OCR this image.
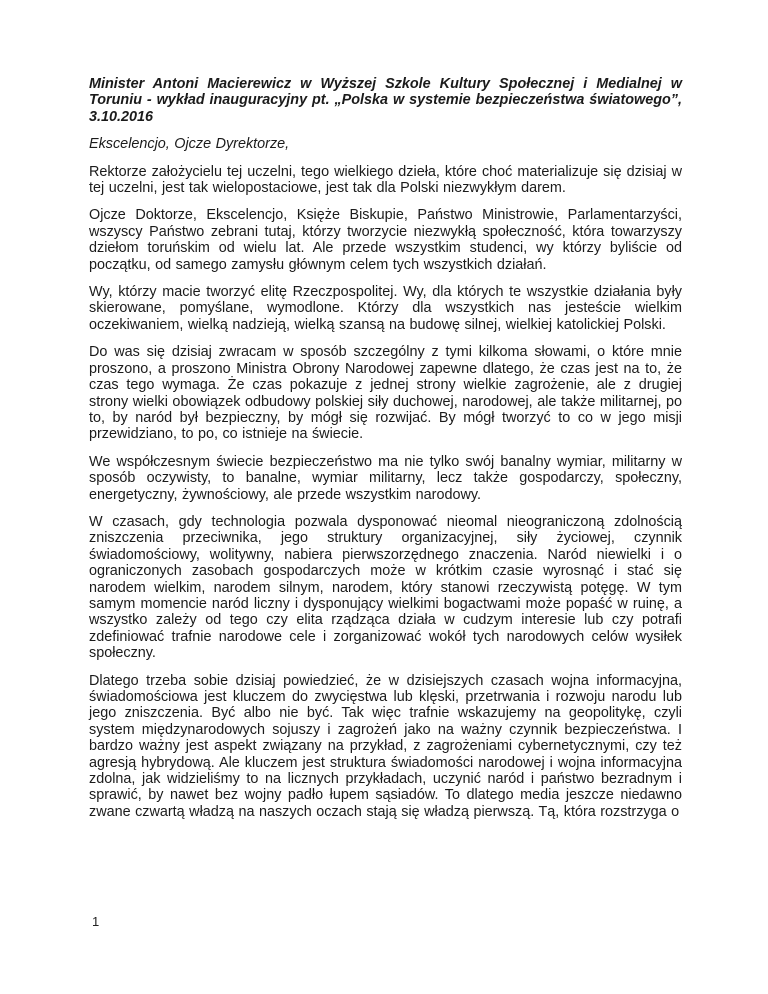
Minister Antoni Macierewicz w Wyższej Szkole Kultury Społecznej i Medialnej w Toruniu - wykład inauguracyjny pt. „Polska w systemie bezpieczeństwa światowego”, 3.10.2016

Ekscelencjo, Ojcze Dyrektorze,

Rektorze założycielu tej uczelni, tego wielkiego dzieła, które choć materializuje się dzisiaj w tej uczelni, jest tak wielopostaciowe, jest tak dla Polski niezwykłym darem.

Ojcze Doktorze, Ekscelencjo, Księże Biskupie, Państwo Ministrowie, Parlamentarzyści, wszyscy Państwo zebrani tutaj, którzy tworzycie niezwykłą społeczność, która towarzyszy dziełom toruńskim od wielu lat. Ale przede wszystkim studenci, wy którzy byliście od początku, od samego zamysłu głównym celem tych wszystkich działań.

Wy, którzy macie tworzyć elitę Rzeczpospolitej. Wy, dla których te wszystkie działania były skierowane, pomyślane, wymodlone. Którzy dla wszystkich nas jesteście wielkim oczekiwaniem, wielką nadzieją, wielką szansą na budowę silnej, wielkiej katolickiej Polski.

Do was się dzisiaj zwracam w sposób szczególny z tymi kilkoma słowami, o które mnie proszono, a proszono Ministra Obrony Narodowej zapewne dlatego, że czas jest na to, że czas tego wymaga. Że czas pokazuje z jednej strony wielkie zagrożenie, ale z drugiej strony wielki obowiązek odbudowy polskiej siły duchowej, narodowej, ale także militarnej, po to, by naród był bezpieczny, by mógł się rozwijać. By mógł tworzyć to co w jego misji przewidziano, to po, co istnieje na świecie.

We współczesnym świecie bezpieczeństwo ma nie tylko swój banalny wymiar, militarny w sposób oczywisty, to banalne, wymiar militarny, lecz także gospodarczy, społeczny, energetyczny, żywnościowy, ale przede wszystkim narodowy.

W czasach, gdy technologia pozwala dysponować nieomal nieograniczoną zdolnością zniszczenia przeciwnika, jego struktury organizacyjnej, siły życiowej, czynnik świadomościowy, wolitywny, nabiera pierwszorzędnego znaczenia. Naród niewielki i o ograniczonych zasobach gospodarczych może w krótkim czasie wyrosnąć i stać się narodem wielkim, narodem silnym, narodem, który stanowi rzeczywistą potęgę. W tym samym momencie naród liczny i dysponujący wielkimi bogactwami może popaść w ruinę, a wszystko zależy od tego czy elita rządząca działa w cudzym interesie lub czy potrafi zdefiniować trafnie narodowe cele i zorganizować wokół tych narodowych celów wysiłek społeczny.

Dlatego trzeba sobie dzisiaj powiedzieć, że w dzisiejszych czasach wojna informacyjna, świadomościowa jest kluczem do zwycięstwa lub klęski, przetrwania i rozwoju narodu lub jego zniszczenia. Być albo nie być. Tak więc trafnie wskazujemy na geopolitykę, czyli system międzynarodowych sojuszy i zagrożeń jako na ważny czynnik bezpieczeństwa. I bardzo ważny jest aspekt związany na przykład, z zagrożeniami cybernetycznymi, czy też agresją hybrydową. Ale kluczem jest struktura świadomości narodowej i wojna informacyjna zdolna, jak widzieliśmy to na licznych przykładach, uczynić naród i państwo bezradnym i sprawić, by nawet bez wojny padło łupem sąsiadów. To dlatego media jeszcze niedawno zwane czwartą władzą na naszych oczach stają się władzą pierwszą. Tą, która rozstrzyga o

1
